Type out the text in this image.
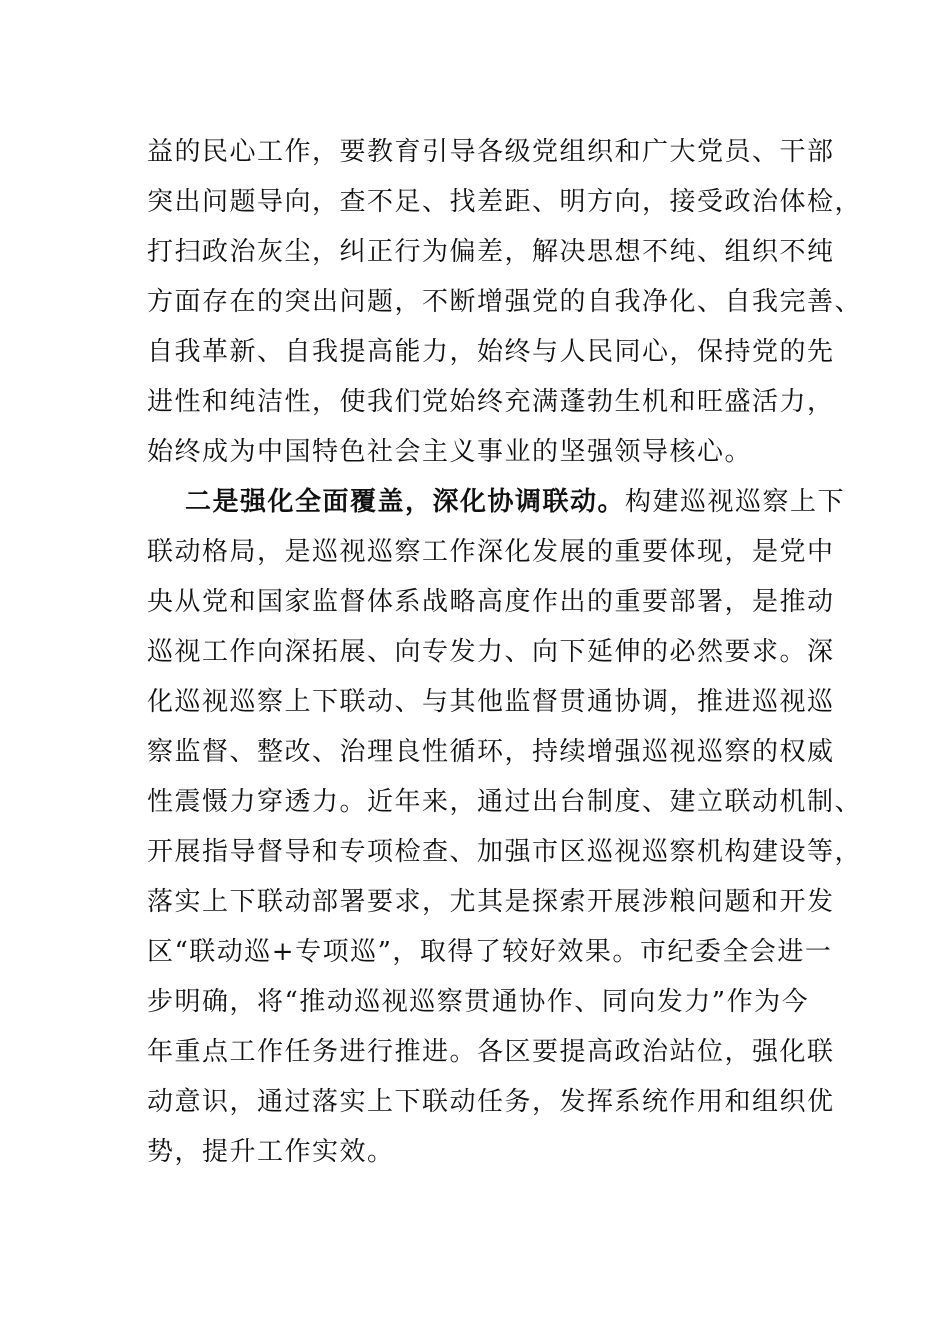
益的民心工作，要教育引导各级党组织和广大党员、干部
突出问题导向，查不足、找差距、明方向，接受政治体检，
打扫政治灰尘，纠正行为偏差，解决思想不纯、组织不纯
方面存在的突出问题，不断增强党的自我净化、自我完善、
自我革新、自我提高能力，始终与人民同心，保持党的先
进性和纯洁性，使我们党始终充满蓬勃生机和旺盛活力，
始终成为中国特色社会主义事业的坚强领导核心。
二是强化全面覆盖，深化协调联动。构建巡视巡察上下
联动格局，是巡视巡察工作深化发展的重要体现，是党中
央从党和国家监督体系战略高度作出的重要部署，是推动
巡视工作向深拓展、向专发力、向下延伸的必然要求。深
化巡视巡察上下联动、与其他监督贯通协调，推进巡视巡
察监督、整改、治理良性循环，持续增强巡视巡察的权威
性震慑力穿透力。近年来，通过出台制度、建立联动机制、
开展指导督导和专项检查、加强市区巡视巡察机构建设等，
落实上下联动部署要求，尤其是探索开展涉粮问题和开发
区“联动巡+专项巡”，取得了较好效果。市纪委全会进一
步明确，将“推动巡视巡察贯通协作、同向发力”作为今
年重点工作任务进行推进。各区要提高政治站位，强化联
动意识，通过落实上下联动任务，发挥系统作用和组织优
势，提升工作实效。
